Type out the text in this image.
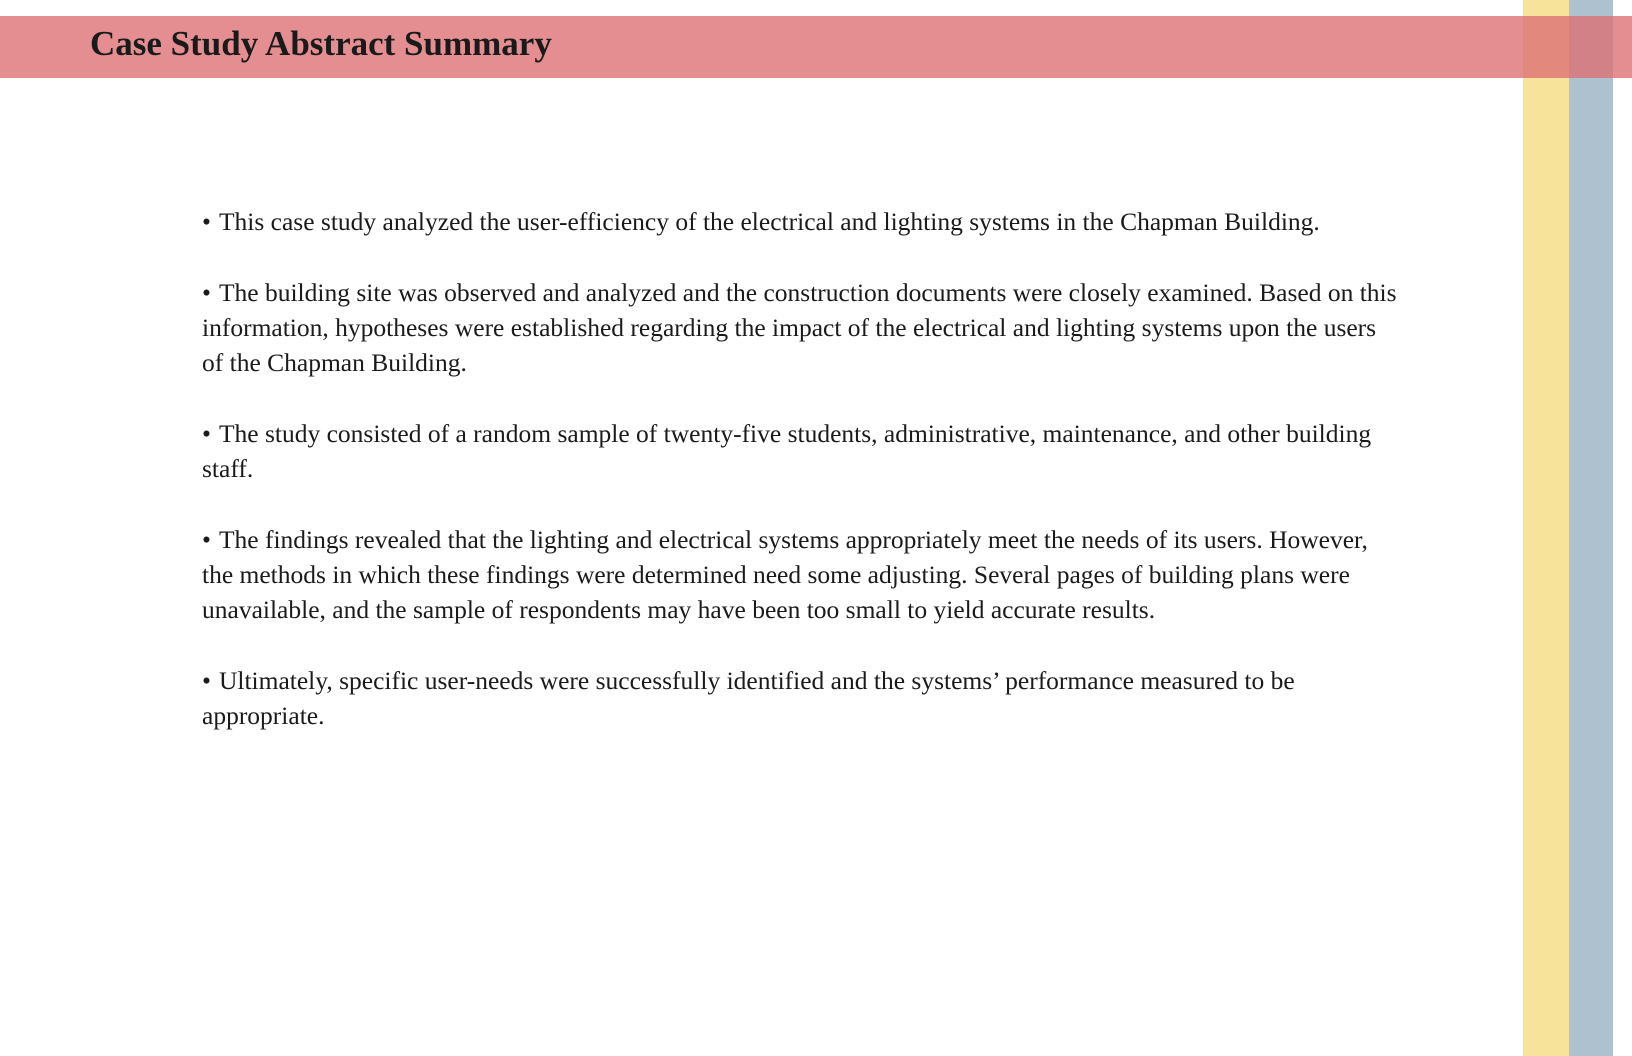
Case Study Abstract Summary

• This case study analyzed the user-efficiency of the electrical and lighting systems in the Chapman Building.

• The building site was observed and analyzed and the construction documents were closely examined. Based on this information, hypotheses were established regarding the impact of the electrical and lighting systems upon the users of the Chapman Building.

• The study consisted of a random sample of twenty-five students, administrative, maintenance, and other building staff.

• The findings revealed that the lighting and electrical systems appropriately meet the needs of its users. However, the methods in which these findings were determined need some adjusting. Several pages of building plans were unavailable, and the sample of respondents may have been too small to yield accurate results.

• Ultimately, specific user-needs were successfully identified and the systems’ performance measured to be appropriate.
